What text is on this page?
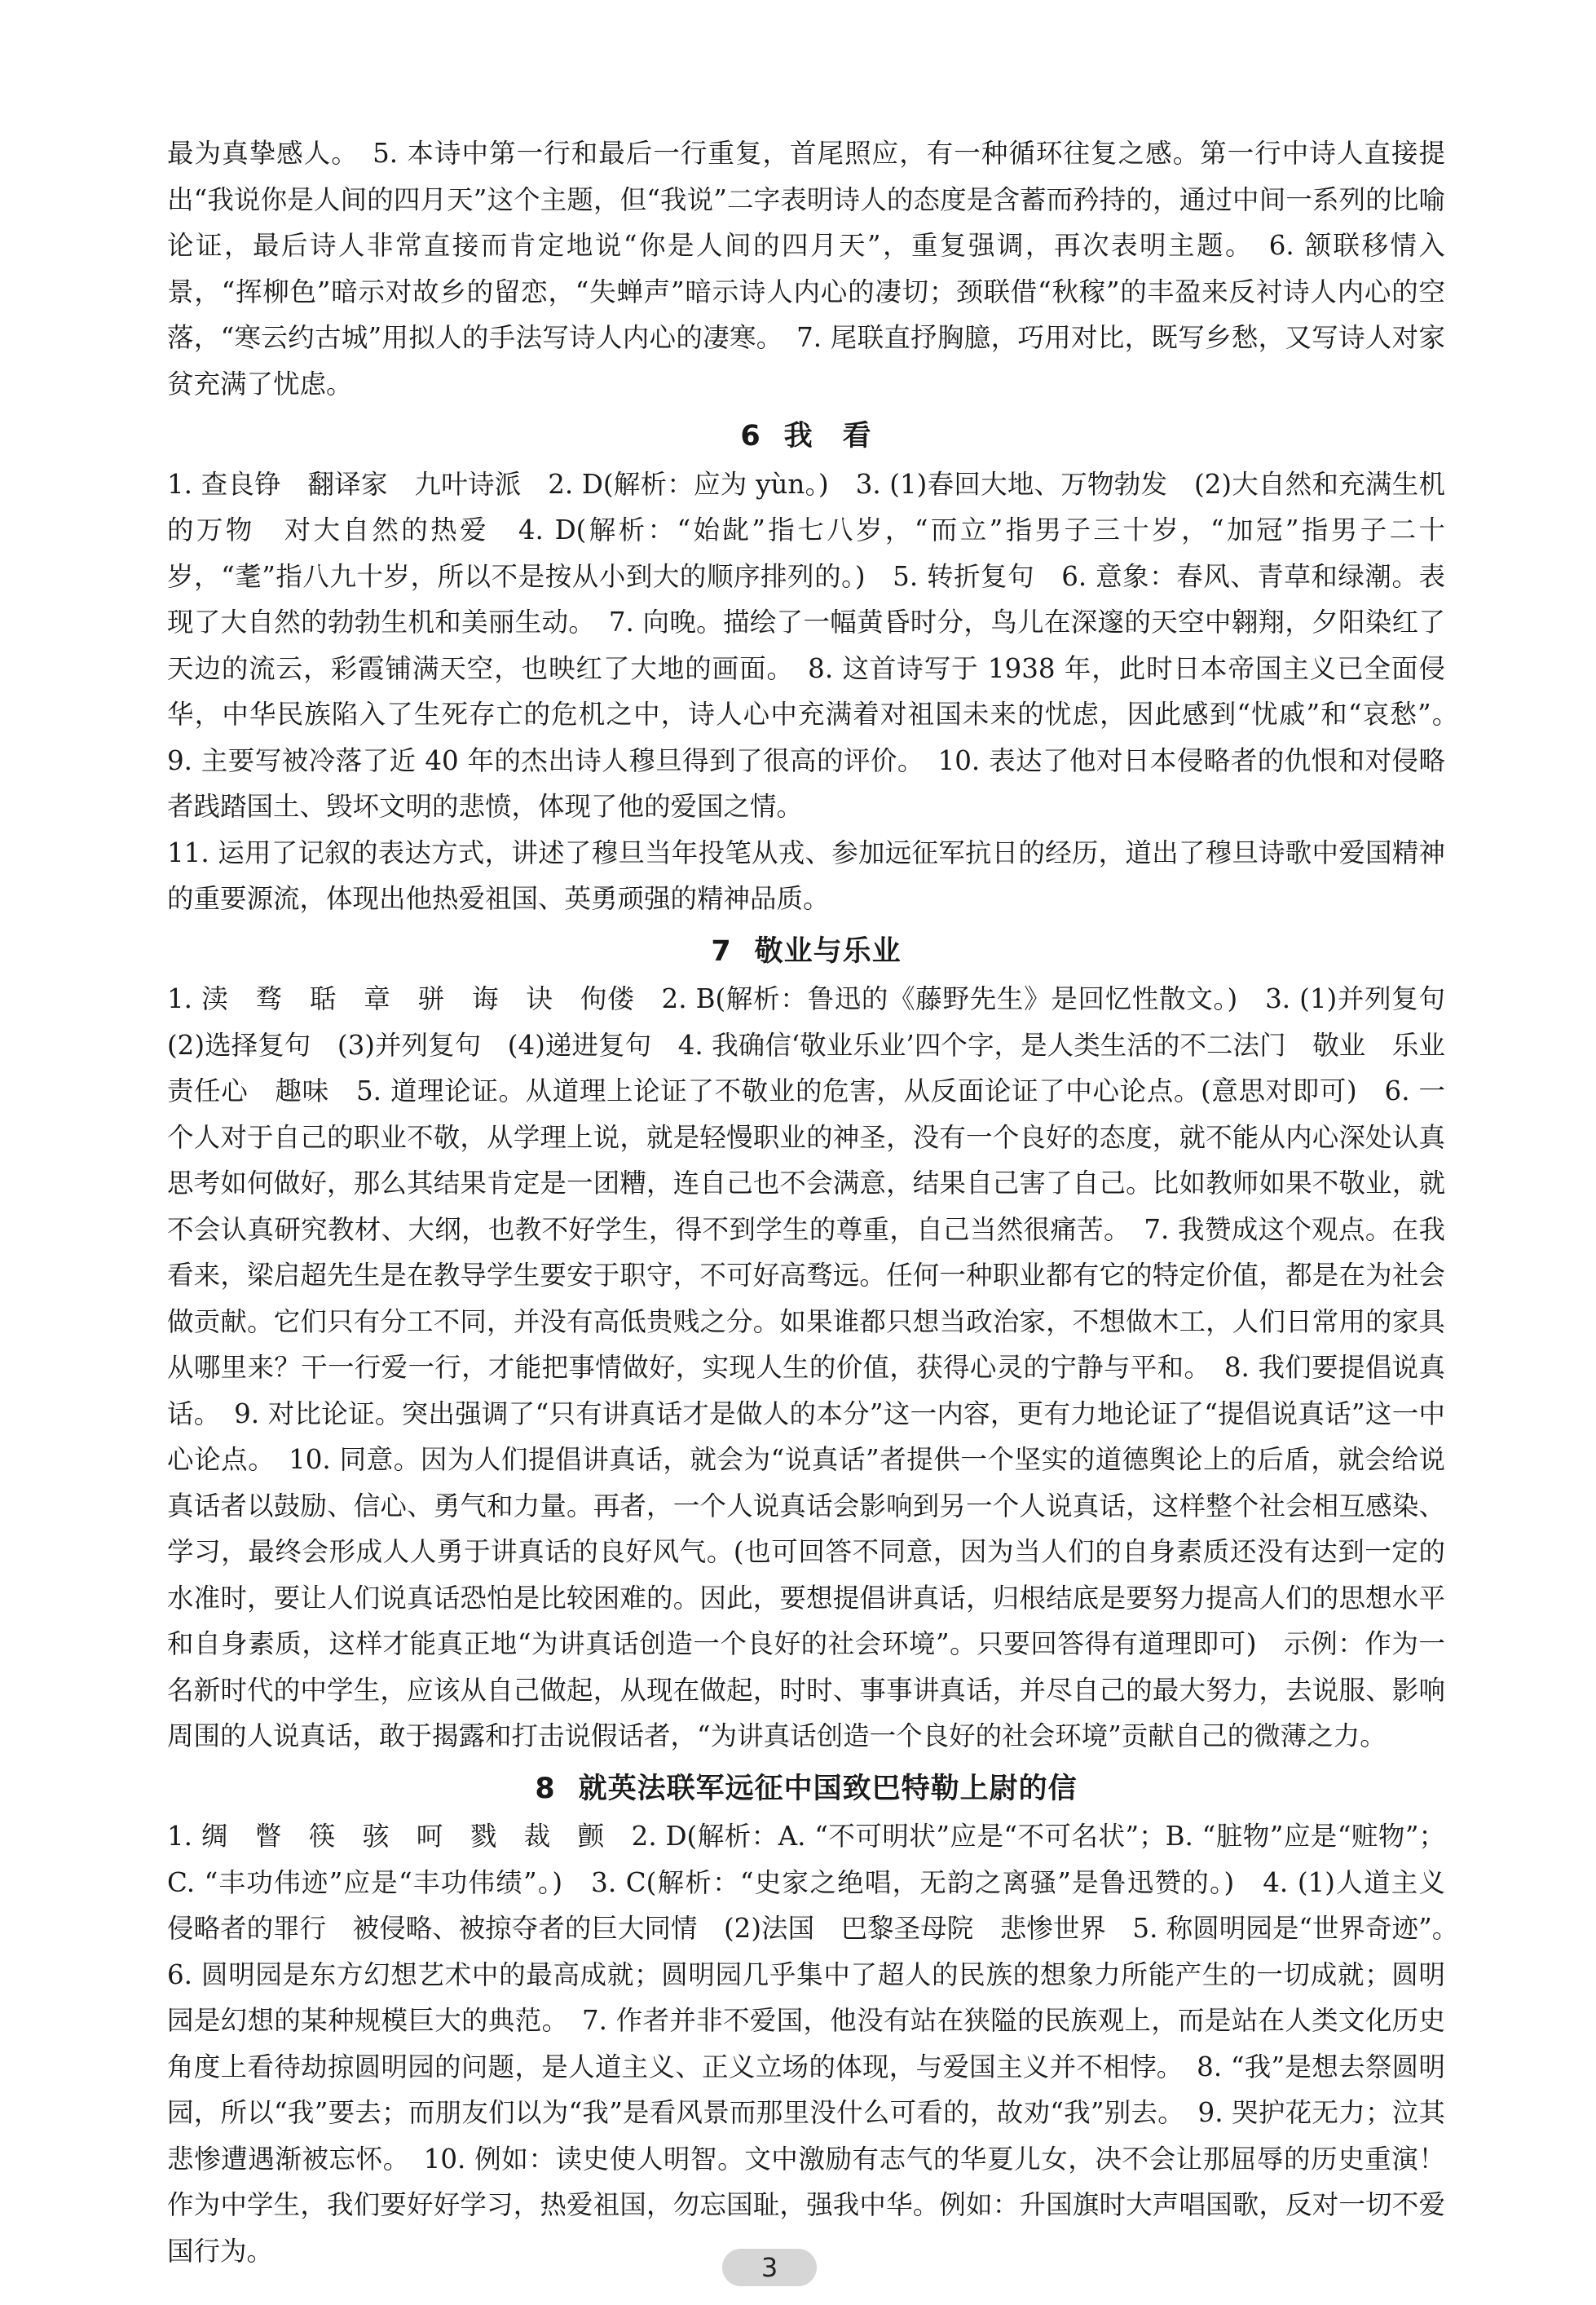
最为真挚感人。　5. 本诗中第一行和最后一行重复，首尾照应，有一种循环往复之感。第一行中诗人直接提出“我说你是人间的四月天”这个主题，但“我说”二字表明诗人的态度是含蓄而矜持的，通过中间一系列的比喻论证，最后诗人非常直接而肯定地说“你是人间的四月天”，重复强调，再次表明主题。　6. 颔联移情入景，“挥柳色”暗示对故乡的留恋，“失蝉声”暗示诗人内心的凄切；颈联借“秋稼”的丰盈来反衬诗人内心的空落，“寒云约古城”用拟人的手法写诗人内心的凄寒。　7. 尾联直抒胸臆，巧用对比，既写乡愁，又写诗人对家贫充满了忧虑。

6 我　看

1. 查良铮　翻译家　九叶诗派　2. D(解析：应为 yùn。)　3. (1)春回大地、万物勃发　(2)大自然和充满生机的万物　对大自然的热爱　4. D(解析：“始龀”指七八岁，“而立”指男子三十岁，“加冠”指男子二十岁，“耄”指八九十岁，所以不是按从小到大的顺序排列的。)　5. 转折复句　6. 意象：春风、青草和绿潮。表现了大自然的勃勃生机和美丽生动。　7. 向晚。描绘了一幅黄昏时分，鸟儿在深邃的天空中翱翔，夕阳染红了天边的流云，彩霞铺满天空，也映红了大地的画面。　8. 这首诗写于 1938 年，此时日本帝国主义已全面侵华，中华民族陷入了生死存亡的危机之中，诗人心中充满着对祖国未来的忧虑，因此感到“忧戚”和“哀愁”。　9. 主要写被冷落了近 40 年的杰出诗人穆旦得到了很高的评价。　10. 表达了他对日本侵略者的仇恨和对侵略者践踏国土、毁坏文明的悲愤，体现了他的爱国之情。

11. 运用了记叙的表达方式，讲述了穆旦当年投笔从戎、参加远征军抗日的经历，道出了穆旦诗歌中爱国精神的重要源流，体现出他热爱祖国、英勇顽强的精神品质。

7 敬业与乐业

1. 渎　骛　聒　章　骈　诲　诀　佝偻　2. B(解析：鲁迅的《藤野先生》是回忆性散文。)　3. (1)并列复句　(2)选择复句　(3)并列复句　(4)递进复句　4. 我确信‘敬业乐业’四个字，是人类生活的不二法门　敬业　乐业　责任心　趣味　5. 道理论证。从道理上论证了不敬业的危害，从反面论证了中心论点。(意思对即可)　6. 一个人对于自己的职业不敬，从学理上说，就是轻慢职业的神圣，没有一个良好的态度，就不能从内心深处认真思考如何做好，那么其结果肯定是一团糟，连自己也不会满意，结果自己害了自己。比如教师如果不敬业，就不会认真研究教材、大纲，也教不好学生，得不到学生的尊重，自己当然很痛苦。　7. 我赞成这个观点。在我看来，梁启超先生是在教导学生要安于职守，不可好高骛远。任何一种职业都有它的特定价值，都是在为社会做贡献。它们只有分工不同，并没有高低贵贱之分。如果谁都只想当政治家，不想做木工，人们日常用的家具从哪里来？干一行爱一行，才能把事情做好，实现人生的价值，获得心灵的宁静与平和。　8. 我们要提倡说真话。　9. 对比论证。突出强调了“只有讲真话才是做人的本分”这一内容，更有力地论证了“提倡说真话”这一中心论点。　10. 同意。因为人们提倡讲真话，就会为“说真话”者提供一个坚实的道德舆论上的后盾，就会给说真话者以鼓励、信心、勇气和力量。再者，一个人说真话会影响到另一个人说真话，这样整个社会相互感染、学习，最终会形成人人勇于讲真话的良好风气。(也可回答不同意，因为当人们的自身素质还没有达到一定的水准时，要让人们说真话恐怕是比较困难的。因此，要想提倡讲真话，归根结底是要努力提高人们的思想水平和自身素质，这样才能真正地“为讲真话创造一个良好的社会环境”。只要回答得有道理即可)　示例：作为一名新时代的中学生，应该从自己做起，从现在做起，时时、事事讲真话，并尽自己的最大努力，去说服、影响周围的人说真话，敢于揭露和打击说假话者，“为讲真话创造一个良好的社会环境”贡献自己的微薄之力。

8 就英法联军远征中国致巴特勒上尉的信

1. 绸　瞥　筷　骇　呵　戮　裁　颤　2. D(解析：A. “不可明状”应是“不可名状”；B. “脏物”应是“赃物”；C. “丰功伟迹”应是“丰功伟绩”。)　3. C(解析：“史家之绝唱，无韵之离骚”是鲁迅赞的。)　4. (1)人道主义　侵略者的罪行　被侵略、被掠夺者的巨大同情　(2)法国　巴黎圣母院　悲惨世界　5. 称圆明园是“世界奇迹”。　6. 圆明园是东方幻想艺术中的最高成就；圆明园几乎集中了超人的民族的想象力所能产生的一切成就；圆明园是幻想的某种规模巨大的典范。　7. 作者并非不爱国，他没有站在狭隘的民族观上，而是站在人类文化历史角度上看待劫掠圆明园的问题，是人道主义、正义立场的体现，与爱国主义并不相悖。　8. “我”是想去祭圆明园，所以“我”要去；而朋友们以为“我”是看风景而那里没什么可看的，故劝“我”别去。　9. 哭护花无力；泣其悲惨遭遇渐被忘怀。　10. 例如：读史使人明智。文中激励有志气的华夏儿女，决不会让那屈辱的历史重演！作为中学生，我们要好好学习，热爱祖国，勿忘国耻，强我中华。例如：升国旗时大声唱国歌，反对一切不爱国行为。

3
